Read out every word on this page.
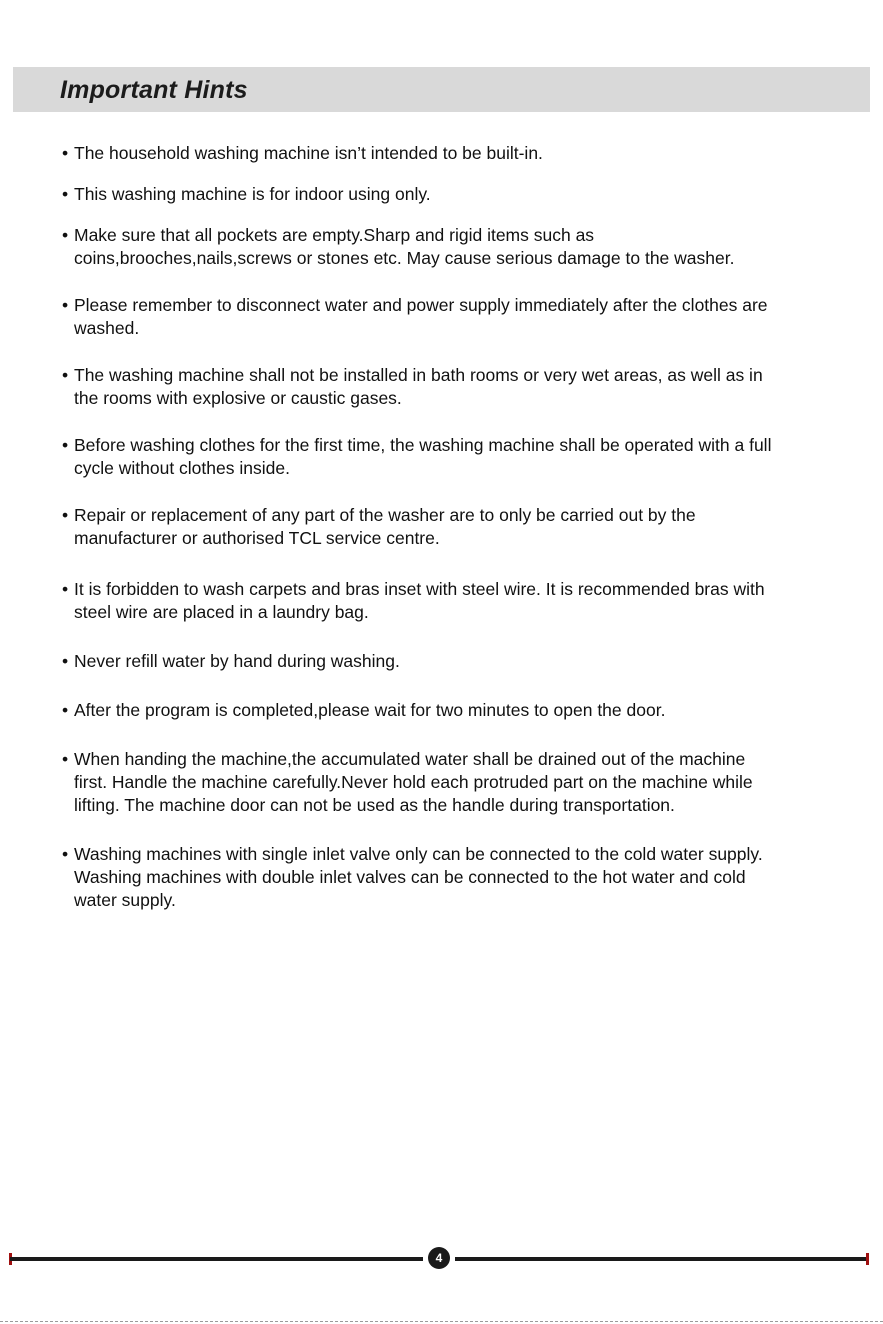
Important Hints
• The household washing machine isn’t intended to be built-in.
• This washing machine is for indoor using only.
• Make sure that all pockets are empty.Sharp and rigid items such as coins,brooches,nails,screws or stones etc. May cause serious damage to the washer.
• Please remember to disconnect water and power supply immediately after the clothes are washed.
• The washing machine shall not be installed in bath rooms or very wet areas, as well as in the rooms with explosive or caustic gases.
• Before washing clothes for the first time, the washing machine shall be operated with a full cycle without clothes inside.
• Repair or replacement of any part of the washer are to only be carried out by the manufacturer or authorised TCL service centre.
• It is forbidden to wash carpets and bras inset with steel wire. It is recommended bras with steel wire are placed in a laundry bag.
• Never refill water by hand during washing.
• After the program is completed,please wait for two minutes to open the door.
• When handing the machine,the accumulated water shall be drained out of the machine first. Handle the machine carefully.Never hold each protruded part on the machine while lifting. The machine door can not be used as the handle during transportation.
• Washing machines with single inlet valve only can be connected to the cold water supply. Washing machines with double inlet valves can be connected to the hot water and cold water supply.
4
